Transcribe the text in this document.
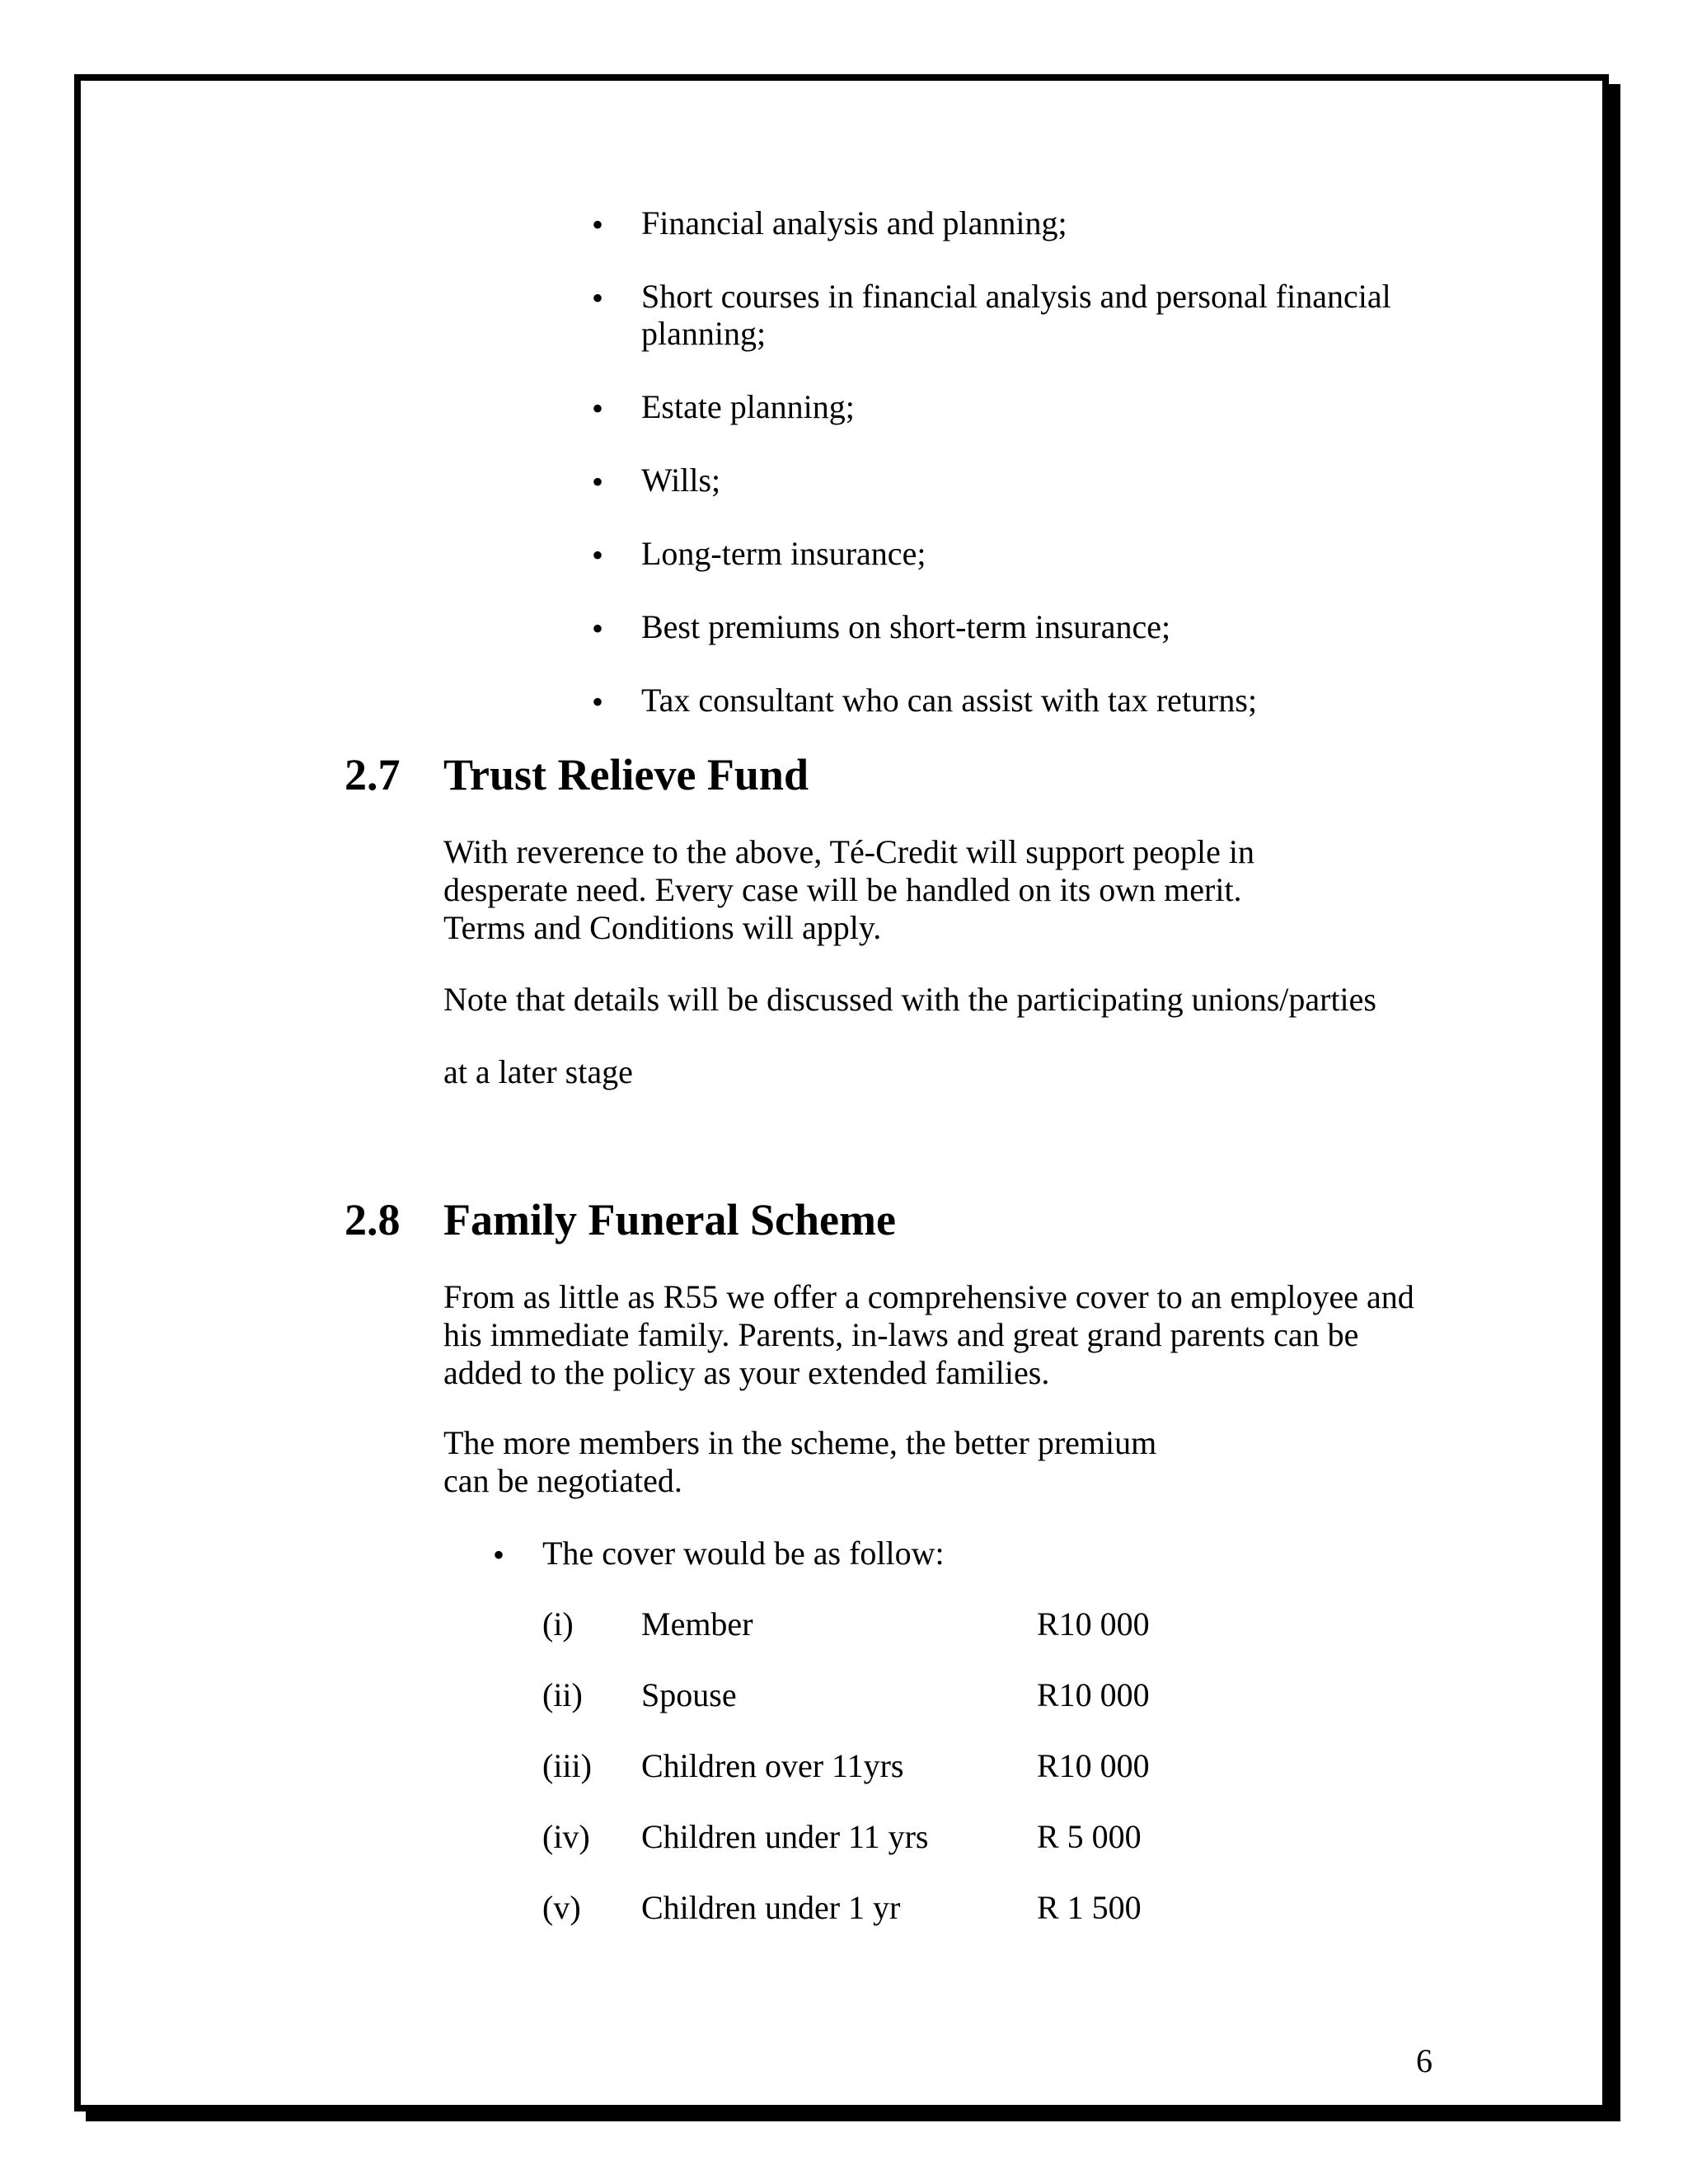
• Financial analysis and planning;
• Short courses in financial analysis and personal financial
planning;
• Estate planning;
• Wills;
• Long-term insurance;
• Best premiums on short-term insurance;
• Tax consultant who can assist with tax returns;
2.7 Trust Relieve Fund
With reverence to the above, Té-Credit will support people in
desperate need. Every case will be handled on its own merit.
Terms and Conditions will apply.
Note that details will be discussed with the participating unions/parties
at a later stage
2.8 Family Funeral Scheme
From as little as R55 we offer a comprehensive cover to an employee and
his immediate family. Parents, in-laws and great grand parents can be
added to the policy as your extended families.
The more members in the scheme, the better premium
can be negotiated.
• The cover would be as follow:
(i) Member	R10 000
(ii) Spouse	R10 000
(iii) Children over 11yrs	R10 000
(iv) Children under 11 yrs	R 5 000
(v) Children under 1 yr	R 1 500
6
